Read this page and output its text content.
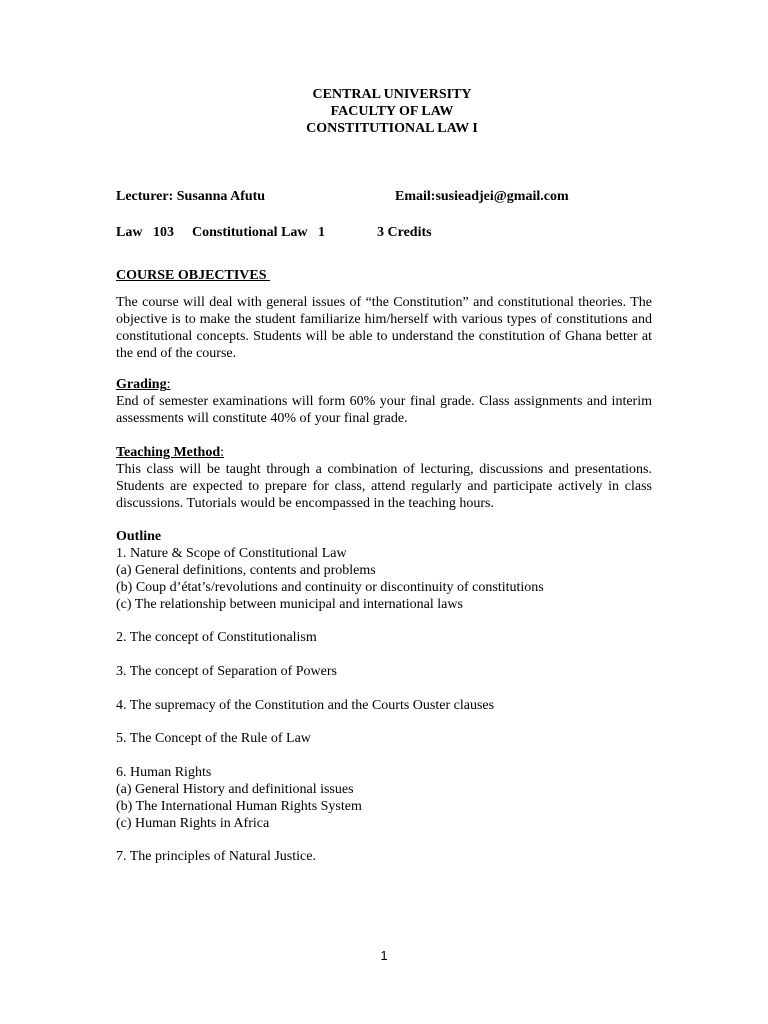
CENTRAL UNIVERSITY
FACULTY OF LAW
CONSTITUTIONAL LAW I
Lecturer: Susanna Afutu	Email:susieadjei@gmail.com
Law   103 Constitutional Law   1	3 Credits
COURSE OBJECTIVES
The course will deal with general issues of “the Constitution” and constitutional theories. The objective is to make the student familiarize him/herself with various types of constitutions and constitutional concepts. Students will be able to understand the constitution of Ghana better at the end of the course.
Grading:
End of semester examinations will form 60% your final grade. Class assignments and interim assessments will constitute 40% of your final grade.
Teaching Method:
This class will be taught through a combination of lecturing, discussions and presentations. Students are expected to prepare for class, attend regularly and participate actively in class discussions. Tutorials would be encompassed in the teaching hours.
Outline
1. Nature & Scope of Constitutional Law
(a) General definitions, contents and problems
(b) Coup d’état’s/revolutions and continuity or discontinuity of constitutions
(c) The relationship between municipal and international laws
2. The concept of Constitutionalism
3. The concept of Separation of Powers
4. The supremacy of the Constitution and the Courts Ouster clauses
5. The Concept of the Rule of Law
6. Human Rights
(a) General History and definitional issues
(b) The International Human Rights System
(c) Human Rights in Africa
7. The principles of Natural Justice.
1
